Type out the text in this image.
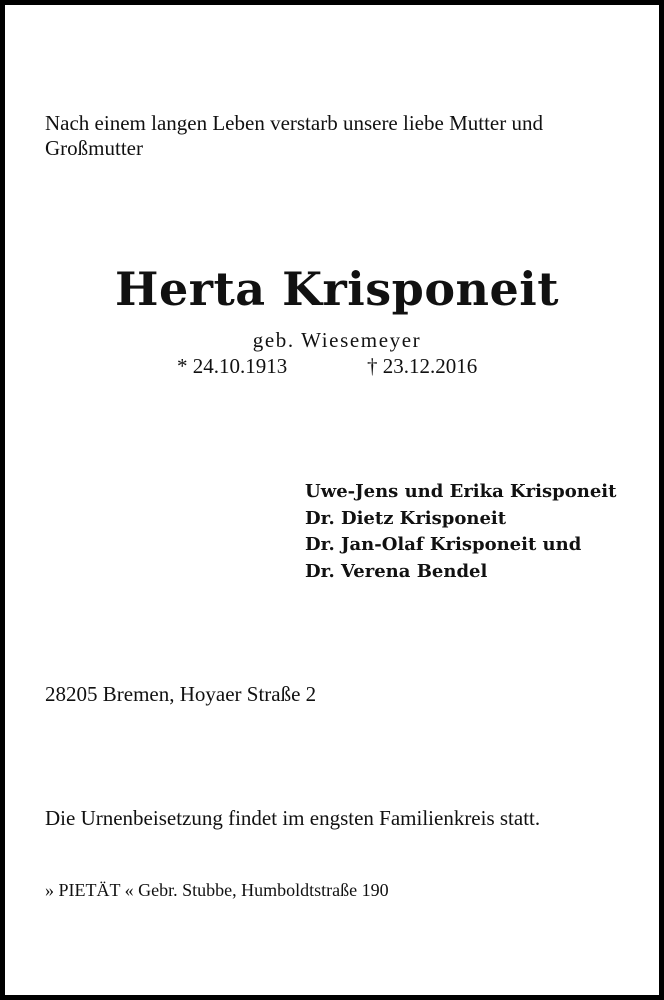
Nach einem langen Leben verstarb unsere liebe Mutter und
Großmutter

Herta Krisponeit

geb. Wiesemeyer

* 24.10.1913	† 23.12.2016

Uwe-Jens und Erika Krisponeit
Dr. Dietz Krisponeit
Dr. Jan-Olaf Krisponeit und
Dr. Verena Bendel

28205 Bremen, Hoyaer Straße 2

Die Urnenbeisetzung findet im engsten Familienkreis statt.

» PIETÄT « Gebr. Stubbe, Humboldtstraße 190
